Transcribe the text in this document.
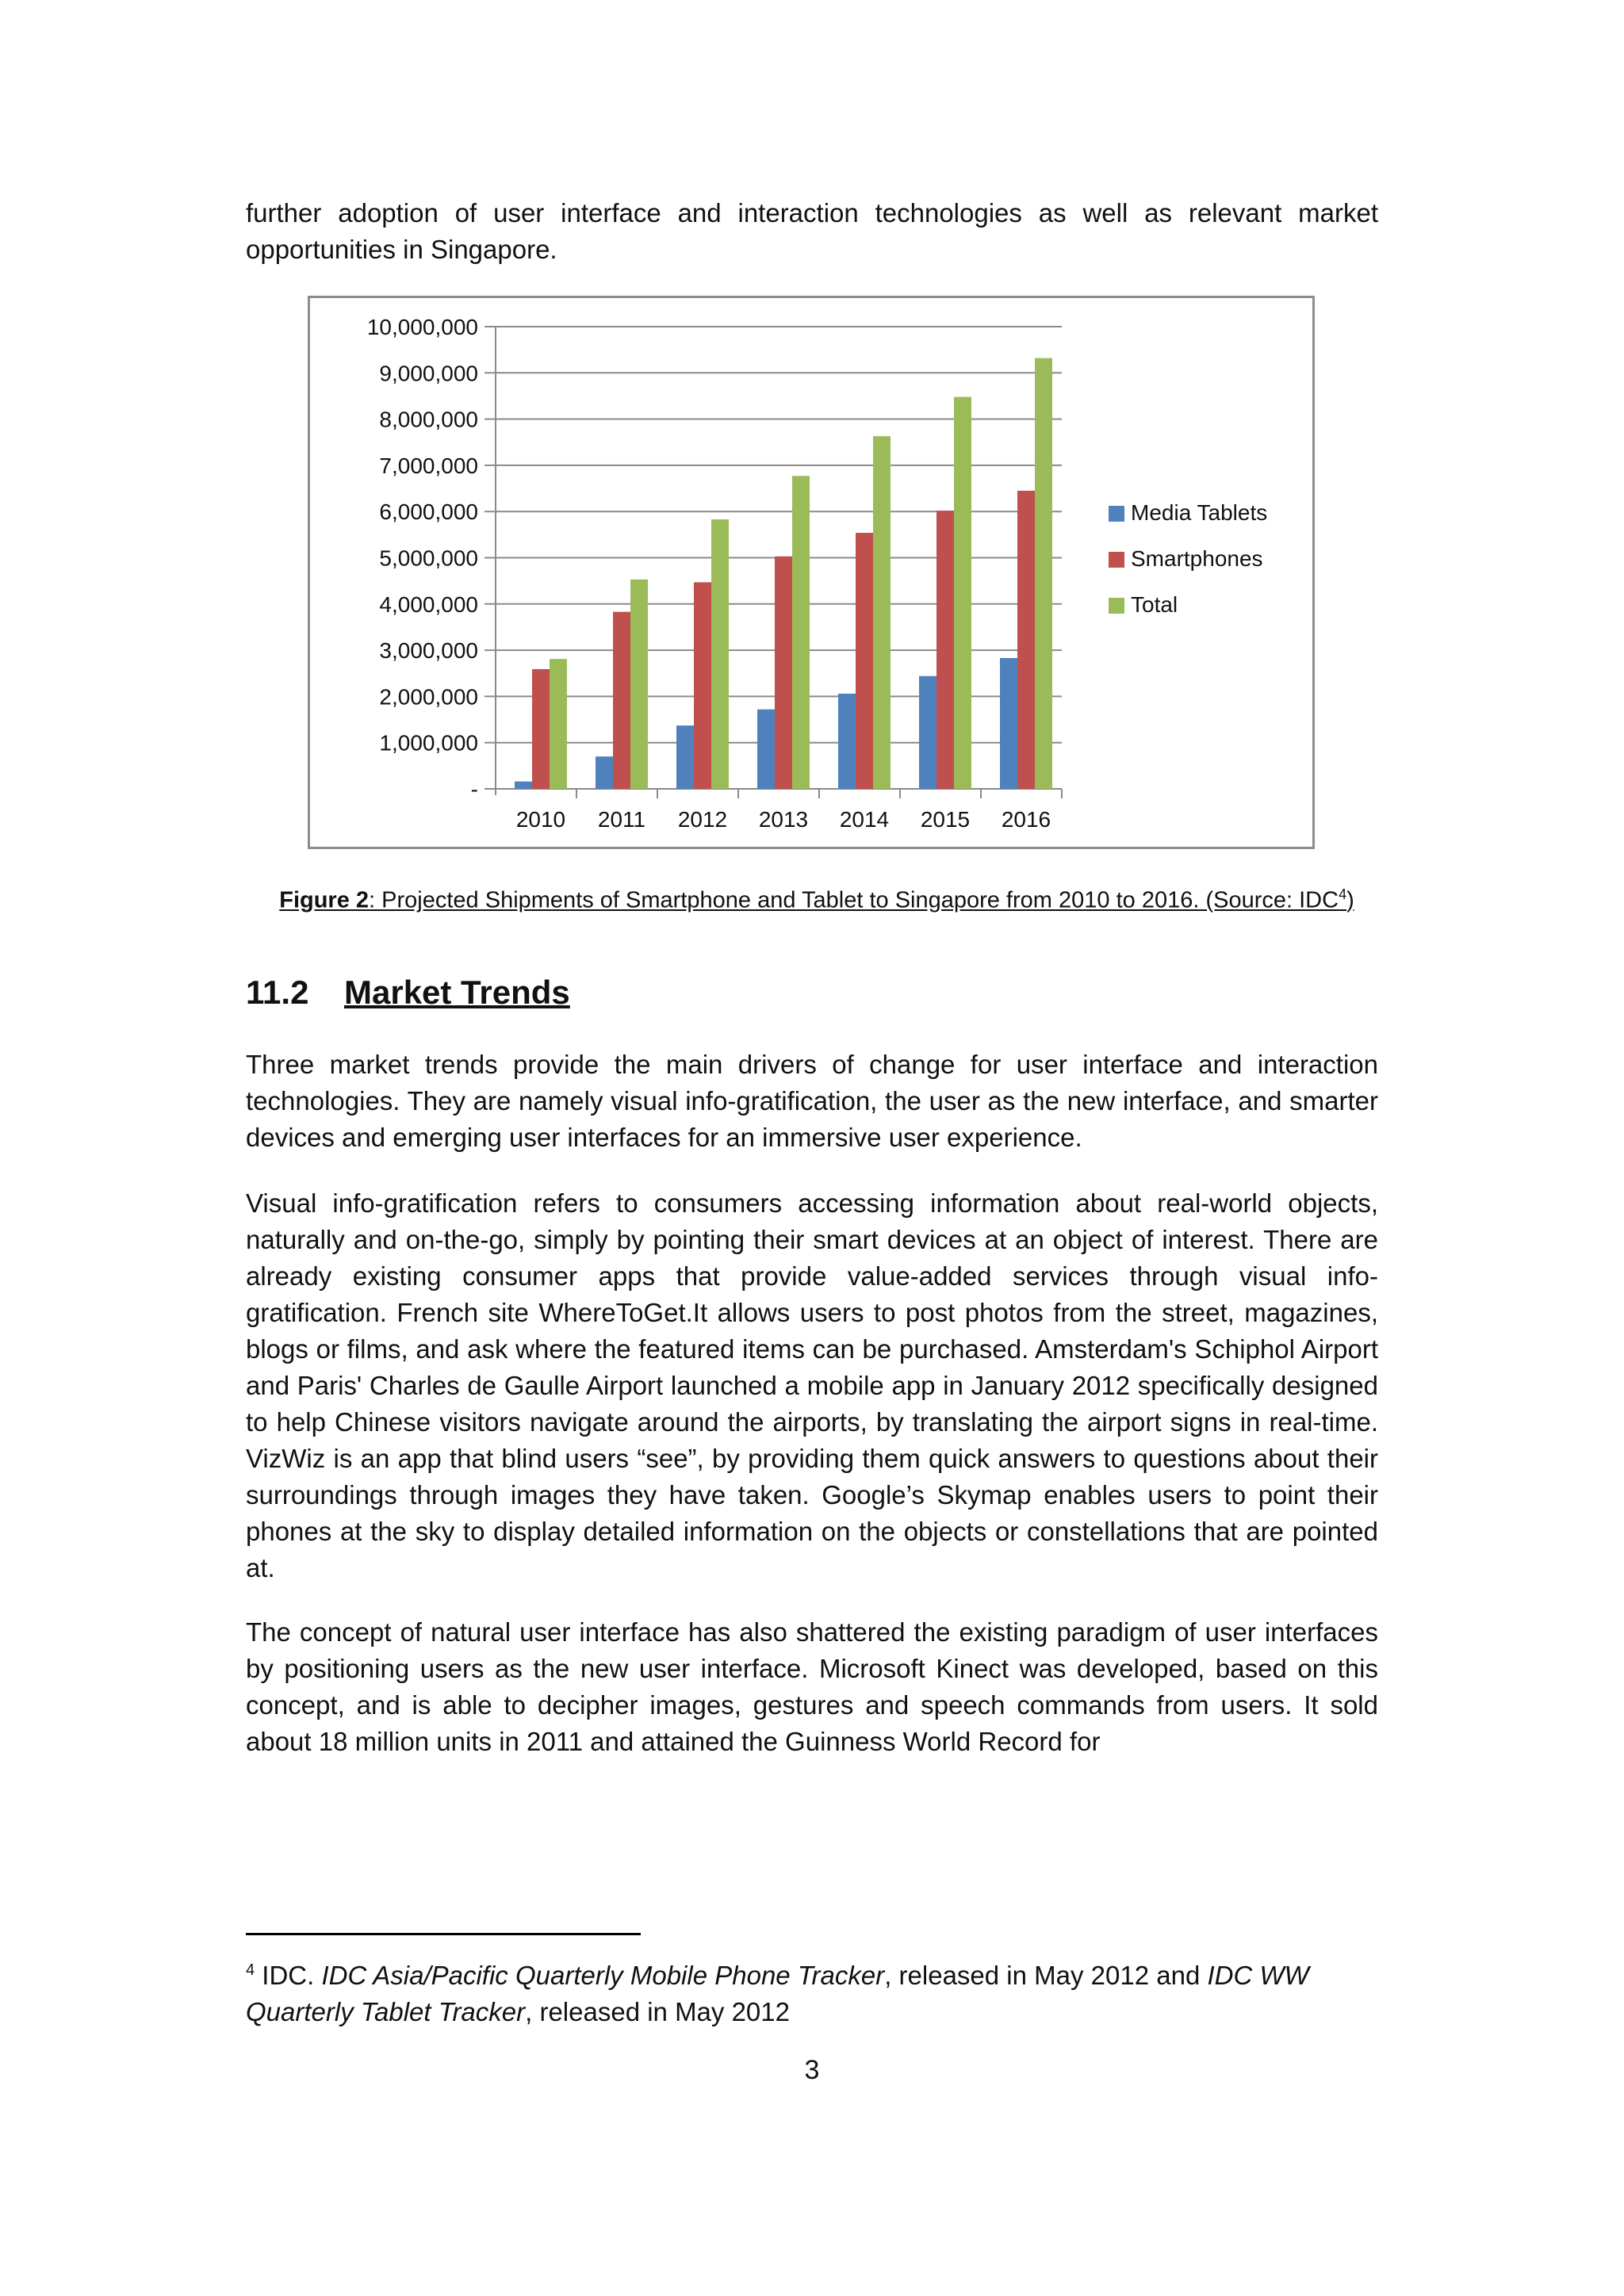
further adoption of user interface and interaction technologies as well as relevant market opportunities in Singapore.

-
1,000,000
2,000,000
3,000,000
4,000,000
5,000,000
6,000,000
7,000,000
8,000,000
9,000,000
10,000,000
2010 2011 2012 2013 2014 2015 2016
Media Tablets
Smartphones
Total
Figure 2: Projected Shipments of Smartphone and Tablet to Singapore from 2010 to 2016. (Source: IDC$^4$)
11.2 Market Trends

Three market trends provide the main drivers of change for user interface and interaction technologies. They are namely visual info-gratification, the user as the new interface, and smarter devices and emerging user interfaces for an immersive user experience.

Visual info-gratification refers to consumers accessing information about real-world objects, naturally and on-the-go, simply by pointing their smart devices at an object of interest. There are already existing consumer apps that provide value-added services through visual info-gratification. French site WhereToGet.It allows users to post photos from the street, magazines, blogs or films, and ask where the featured items can be purchased. Amsterdam's Schiphol Airport and Paris' Charles de Gaulle Airport launched a mobile app in January 2012 specifically designed to help Chinese visitors navigate around the airports, by translating the airport signs in real-time. VizWiz is an app that blind users “see”, by providing them quick answers to questions about their surroundings through images they have taken. Google’s Skymap enables users to point their phones at the sky to display detailed information on the objects or constellations that are pointed at.

The concept of natural user interface has also shattered the existing paradigm of user interfaces by positioning users as the new user interface. Microsoft Kinect was developed, based on this concept, and is able to decipher images, gestures and speech commands from users. It sold about 18 million units in 2011 and attained the Guinness World Record for

$^4$ IDC. IDC Asia/Pacific Quarterly Mobile Phone Tracker, released in May 2012 and IDC WW Quarterly Tablet Tracker, released in May 2012
3
